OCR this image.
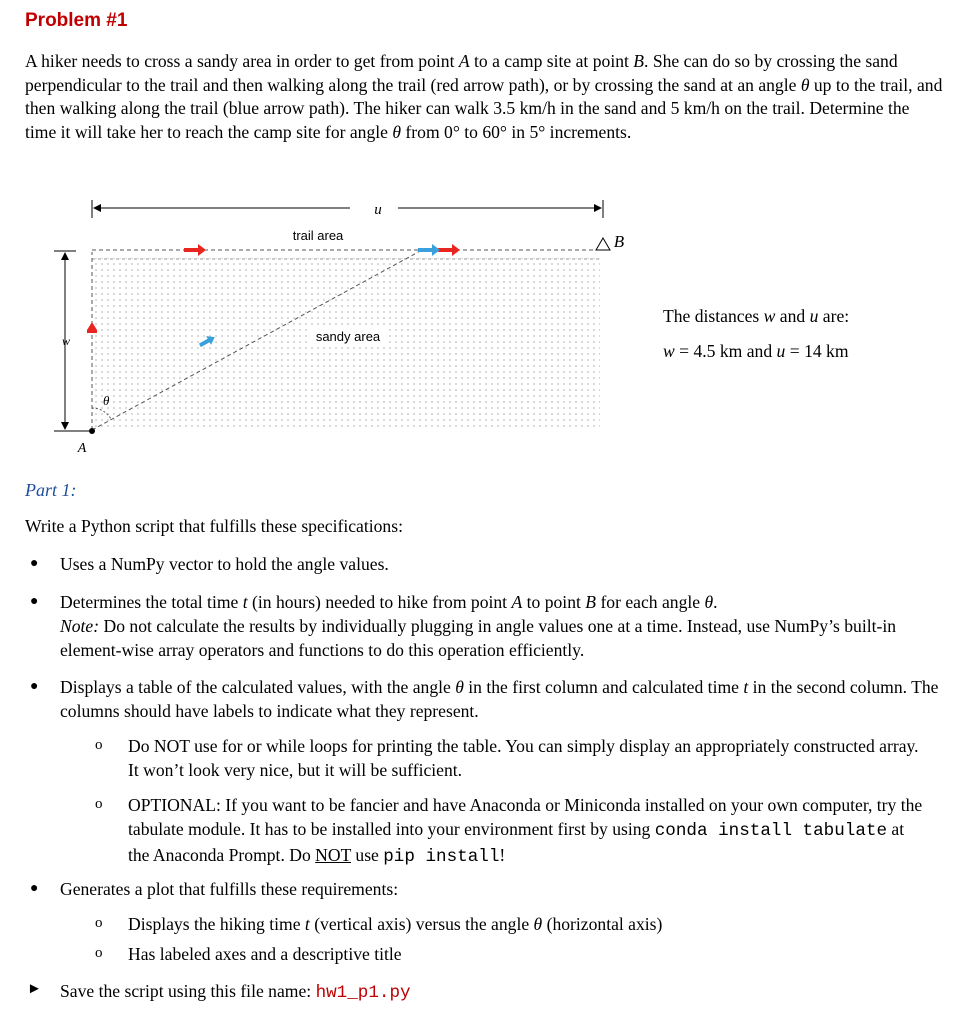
Problem #1
A hiker needs to cross a sandy area in order to get from point A to a camp site at point B. She can do so by crossing the sand perpendicular to the trail and then walking along the trail (red arrow path), or by crossing the sand at an angle θ up to the trail, and then walking along the trail (blue arrow path). The hiker can walk 3.5 km/h in the sand and 5 km/h on the trail. Determine the time it will take her to reach the camp site for angle θ from 0° to 60° in 5° increments.
u
w
θ
A
B
trail area
sandy area
The distances w and u are:
w = 4.5 km and u = 14 km
Part 1:
Write a Python script that fulfills these specifications:
● Uses a NumPy vector to hold the angle values.
● Determines the total time t (in hours) needed to hike from point A to point B for each angle θ.
Note: Do not calculate the results by individually plugging in angle values one at a time. Instead, use NumPy’s built-in element-wise array operators and functions to do this operation efficiently.
● Displays a table of the calculated values, with the angle θ in the first column and calculated time t in the second column. The columns should have labels to indicate what they represent.
o Do NOT use for or while loops for printing the table. You can simply display an appropriately constructed array. It won’t look very nice, but it will be sufficient.
o OPTIONAL: If you want to be fancier and have Anaconda or Miniconda installed on your own computer, try the tabulate module. It has to be installed into your environment first by using conda install tabulate at the Anaconda Prompt. Do NOT use pip install!
● Generates a plot that fulfills these requirements:
o Displays the hiking time t (vertical axis) versus the angle θ (horizontal axis)
o Has labeled axes and a descriptive title
► Save the script using this file name: hw1_p1.py
